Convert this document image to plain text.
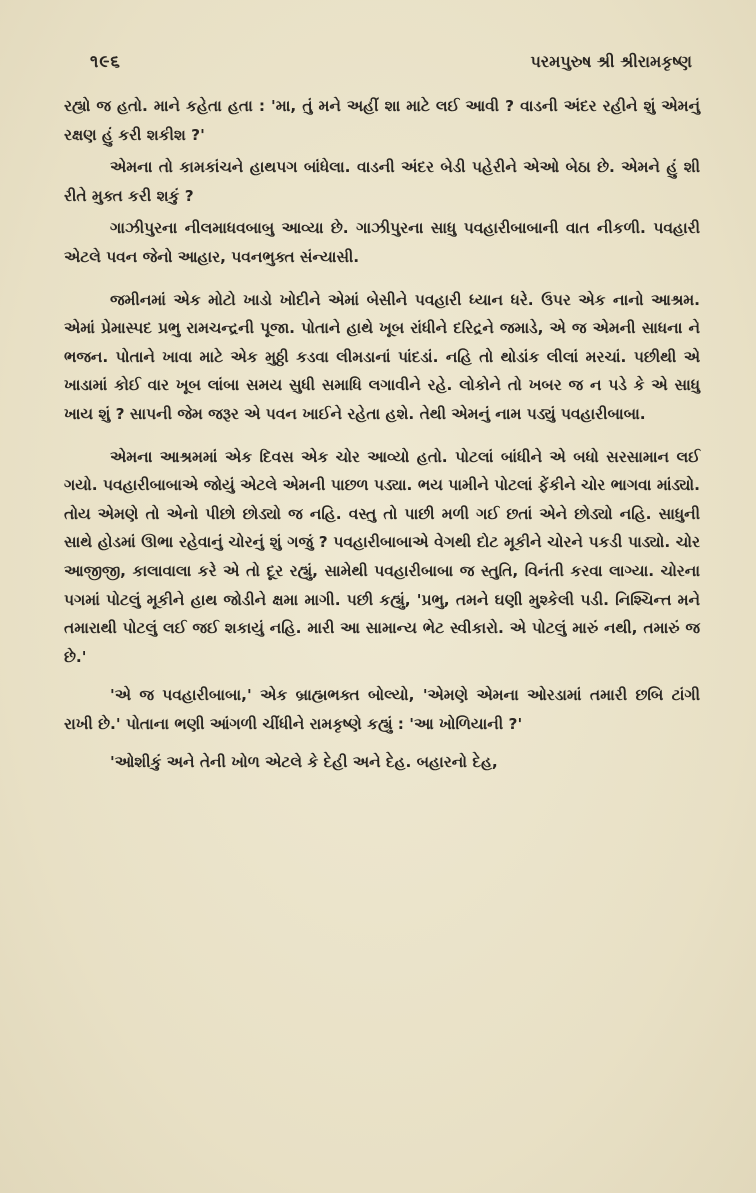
૧૯૬	પરમપુરુષ શ્રી શ્રીરામકૃષ્ણ

રહ્યો જ હતો. માને કહેતા હતા : 'મા, તું મને અહીં શા માટે લઈ આવી ? વાડની અંદર રહીને શું એમનું રક્ષણ હું કરી શકીશ ?'

એમના તો કામકાંચને હાથપગ બાંધેલા. વાડની અંદર બેડી પહેરીને એઓ બેઠા છે. એમને હું શી રીતે મુક્ત કરી શકું ?

ગાઝીપુરના નીલમાધવબાબુ આવ્યા છે. ગાઝીપુરના સાધુ પવહારીબાબાની વાત નીકળી. પવહારી એટલે પવન જેનો આહાર, પવનભુક્ત સંન્યાસી.

જમીનમાં એક મોટો ખાડો ખોદીને એમાં બેસીને પવહારી ધ્યાન ધરે. ઉપર એક નાનો આશ્રમ. એમાં પ્રેમાસ્પદ પ્રભુ રામચન્દ્રની પૂજા. પોતાને હાથે ખૂબ રાંધીને દરિદ્રને જમાડે, એ જ એમની સાધના ને ભજન. પોતાને ખાવા માટે એક મુઠ્ઠી કડવા લીમડાનાં પાંદડાં. નહિ તો થોડાંક લીલાં મરચાં. પછીથી એ ખાડામાં કોઈ વાર ખૂબ લાંબા સમય સુધી સમાધિ લગાવીને રહે. લોકોને તો ખબર જ ન પડે કે એ સાધુ ખાય શું ? સાપની જેમ જરૂર એ પવન ખાઈને રહેતા હશે. તેથી એમનું નામ પડ્યું પવહારીબાબા.

એમના આશ્રમમાં એક દિવસ એક ચોર આવ્યો હતો. પોટલાં બાંધીને એ બધો સરસામાન લઈ ગયો. પવહારીબાબાએ જોયું એટલે એમની પાછળ પડ્યા. ભય પામીને પોટલાં ફેંકીને ચોર ભાગવા માંડ્યો. તોય એમણે તો એનો પીછો છોડ્યો જ નહિ. વસ્તુ તો પાછી મળી ગઈ છતાં એને છોડ્યો નહિ. સાધુની સાથે હોડમાં ઊભા રહેવાનું ચોરનું શું ગજું ? પવહારીબાબાએ વેગથી દોટ મૂકીને ચોરને પકડી પાડ્યો. ચોર આજીજી, કાલાવાલા કરે એ તો દૂર રહ્યું, સામેથી પવહારીબાબા જ સ્તુતિ, વિનંતી કરવા લાગ્યા. ચોરના પગમાં પોટલું મૂકીને હાથ જોડીને ક્ષમા માગી. પછી કહ્યું, 'પ્રભુ, તમને ઘણી મુશ્કેલી પડી. નિશ્ચિન્ત મને તમારાથી પોટલું લઈ જઈ શકાયું નહિ. મારી આ સામાન્ય ભેટ સ્વીકારો. એ પોટલું મારું નથી, તમારું જ છે.'

'એ જ પવહારીબાબા,' એક બ્રાહ્મભક્ત બોલ્યો, 'એમણે એમના ઓરડામાં તમારી છબિ ટાંગી રાખી છે.' પોતાના ભણી આંગળી ચીંધીને રામકૃષ્ણે કહ્યું : 'આ ખોળિયાની ?'

'ઓશીકું અને તેની ખોળ એટલે કે દેહી અને દેહ. બહારનો દેહ,
